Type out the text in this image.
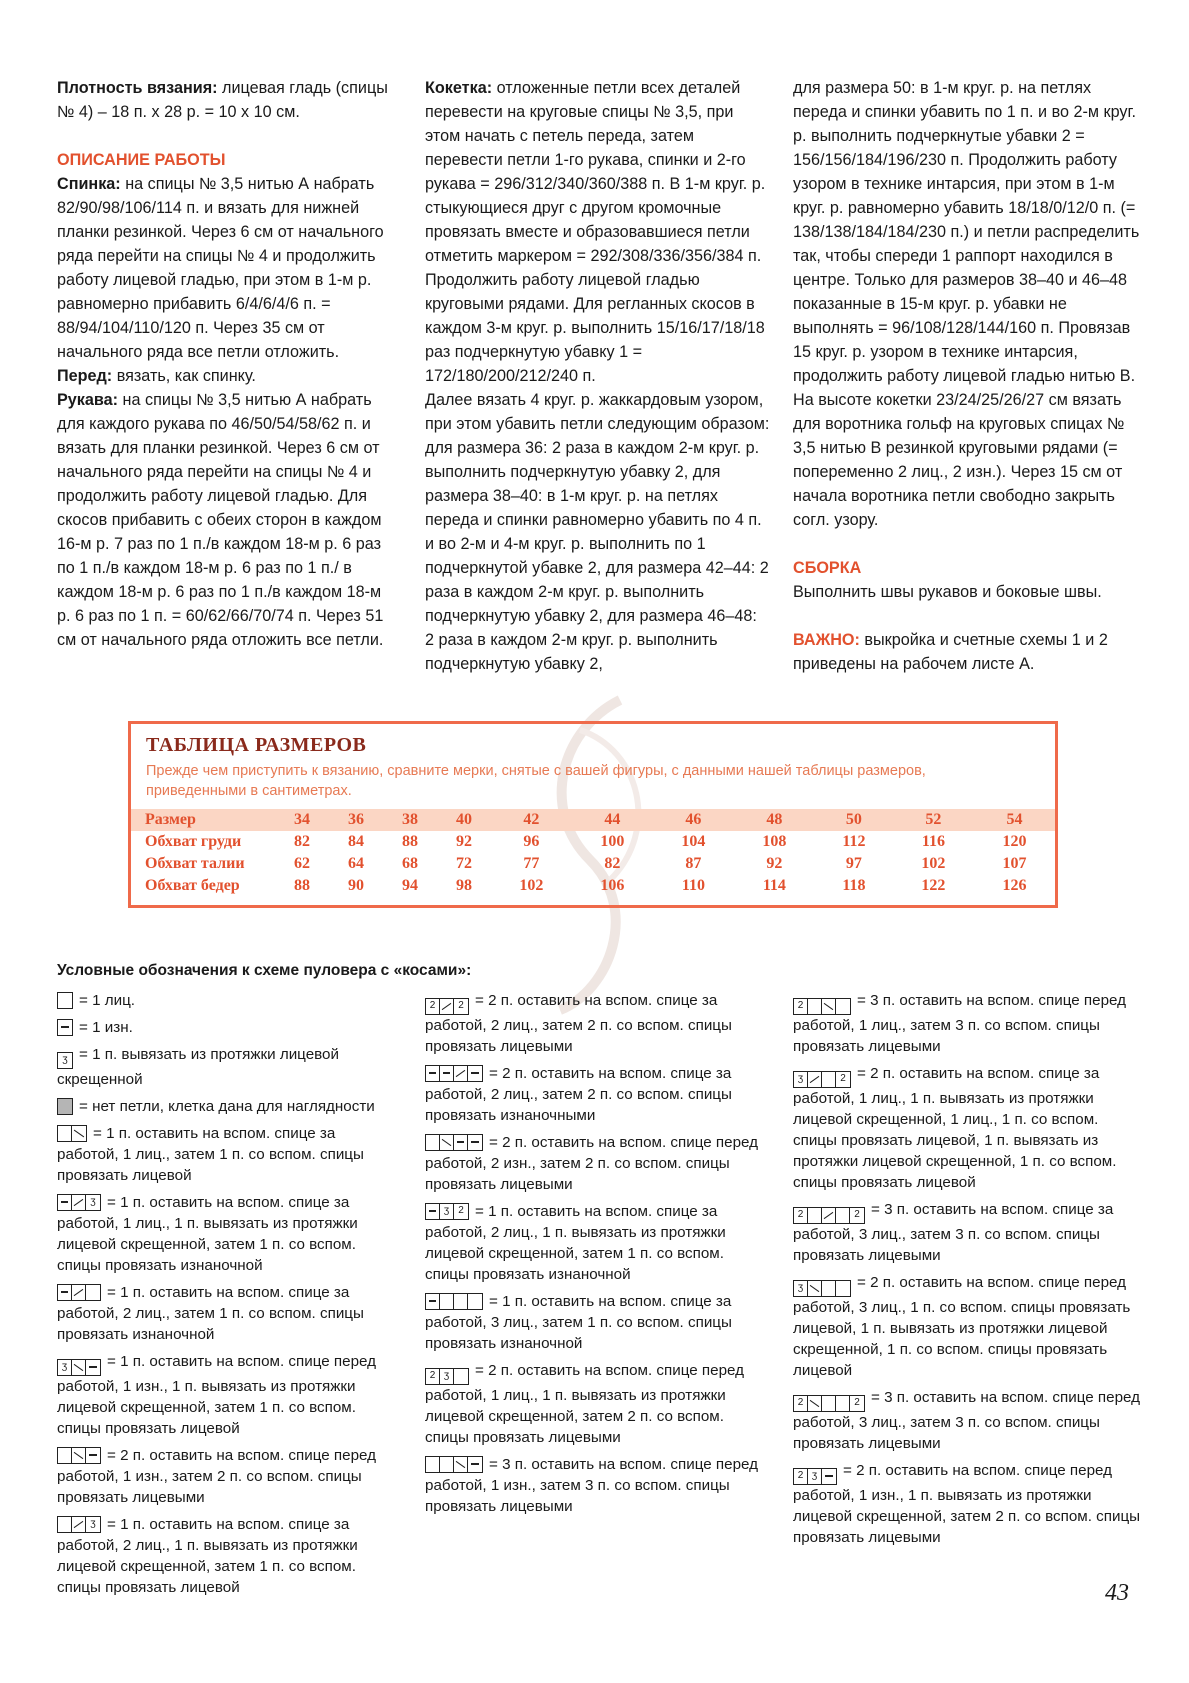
Плотность вязания: лицевая гладь (спицы № 4) – 18 п. х 28 р. = 10 х 10 см.

ОПИСАНИЕ РАБОТЫ

Спинка: на спицы № 3,5 нитью А набрать 82/90/98/106/114 п. и вязать для нижней планки резинкой. Через 6 см от начального ряда перейти на спицы № 4 и продолжить работу лицевой гладью, при этом в 1-м р. равномерно прибавить 6/4/6/4/6 п. = 88/94/104/110/120 п. Через 35 см от начального ряда все петли отложить.

Перед: вязать, как спинку.

Рукава: на спицы № 3,5 нитью А набрать для каждого рукава по 46/50/54/58/62 п. и вязать для планки резинкой. Через 6 см от начального ряда перейти на спицы № 4 и продолжить работу лицевой гладью. Для скосов прибавить с обеих сторон в каждом 16-м р. 7 раз по 1 п./в каждом 18-м р. 6 раз по 1 п./в каждом 18-м р. 6 раз по 1 п./ в каждом 18-м р. 6 раз по 1 п./в каждом 18-м р. 6 раз по 1 п. = 60/62/66/70/74 п. Через 51 см от начального ряда отложить все петли.

Кокетка: отложенные петли всех деталей перевести на круговые спицы № 3,5, при этом начать с петель переда, затем перевести петли 1-го рукава, спинки и 2-го рукава = 296/312/340/360/388 п. В 1-м круг. р. стыкующиеся друг с другом кромочные провязать вместе и образовавшиеся петли отметить маркером = 292/308/336/356/384 п. Продолжить работу лицевой гладью круговыми рядами. Для регланных скосов в каждом 3-м круг. р. выполнить 15/16/17/18/18 раз подчеркнутую убавку 1 = 172/180/200/212/240 п.

Далее вязать 4 круг. р. жаккардовым узором, при этом убавить петли следующим образом: для размера 36: 2 раза в каждом 2-м круг. р. выполнить подчеркнутую убавку 2, для размера 38–40: в 1-м круг. р. на петлях переда и спинки равномерно убавить по 4 п. и во 2-м и 4-м круг. р. выполнить по 1 подчеркнутой убавке 2, для размера 42–44: 2 раза в каждом 2-м круг. р. выполнить подчеркнутую убавку 2, для размера 46–48: 2 раза в каждом 2-м круг. р. выполнить подчеркнутую убавку 2,

для размера 50: в 1-м круг. р. на петлях переда и спинки убавить по 1 п. и во 2-м круг. р. выполнить подчеркнутые убавки 2 = 156/156/184/196/230 п. Продолжить работу узором в технике интарсия, при этом в 1-м круг. р. равномерно убавить 18/18/0/12/0 п. (= 138/138/184/184/230 п.) и петли распределить так, чтобы спереди 1 раппорт находился в центре. Только для размеров 38–40 и 46–48 показанные в 15-м круг. р. убавки не выполнять = 96/108/128/144/160 п. Провязав 15 круг. р. узором в технике интарсия, продолжить работу лицевой гладью нитью В. На высоте кокетки 23/24/25/26/27 см вязать для воротника гольф на круговых спицах № 3,5 нитью В резинкой круговыми рядами (= попеременно 2 лиц., 2 изн.). Через 15 см от начала воротника петли свободно закрыть согл. узору.

СБОРКА

Выполнить швы рукавов и боковые швы.

ВАЖНО: выкройка и счетные схемы 1 и 2 приведены на рабочем листе А.

ТАБЛИЦА РАЗМЕРОВ
Прежде чем приступить к вязанию, сравните мерки, снятые с вашей фигуры, с данными нашей таблицы размеров, приведенными в сантиметрах.
Размер	34	36	38	40	42	44	46	48	50	52	54
Обхват груди	82	84	88	92	96	100	104	108	112	116	120
Обхват талии	62	64	68	72	77	82	87	92	97	102	107
Обхват бедер	88	90	94	98	102	106	110	114	118	122	126
Условные обозначения к схеме пуловера с «косами»:
= 1 лиц.
= 1 изн.
ʒ = 1 п. вывязать из протяжки лицевой скрещенной
= нет петли, клетка дана для наглядности
= 1 п. оставить на вспом. спице за работой, 1 лиц., затем 1 п. со вспом. спицы провязать лицевой
ʒ = 1 п. оставить на вспом. спице за работой, 1 лиц., 1 п. вывязать из протяжки лицевой скрещенной, затем 1 п. со вспом. спицы провязать изнаночной
= 1 п. оставить на вспом. спице за работой, 2 лиц., затем 1 п. со вспом. спицы провязать изнаночной
ʒ	= 1 п. оставить на вспом. спице перед работой, 1 изн., 1 п. вывязать из протяжки лицевой скрещенной, затем 1 п. со вспом. спицы провязать лицевой
= 2 п. оставить на вспом. спице перед работой, 1 изн., затем 2 п. со вспом. спицы провязать лицевыми
ʒ = 1 п. оставить на вспом. спице за работой, 2 лиц., 1 п. вывязать из протяжки лицевой скрещенной, затем 1 п. со вспом. спицы провязать лицевой
2	2 = 2 п. оставить на вспом. спице за работой, 2 лиц., затем 2 п. со вспом. спицы провязать лицевыми
= 2 п. оставить на вспом. спице за работой, 2 лиц., затем 2 п. со вспом. спицы провязать изнаночными
= 2 п. оставить на вспом. спице перед работой, 2 изн., затем 2 п. со вспом. спицы провязать лицевыми
ʒ 2 = 1 п. оставить на вспом. спице за работой, 2 лиц., 1 п. вывязать из протяжки лицевой скрещенной, затем 1 п. со вспом. спицы провязать изнаночной
= 1 п. оставить на вспом. спице за работой, 3 лиц., затем 1 п. со вспом. спицы провязать изнаночной
2 ʒ	= 2 п. оставить на вспом. спице перед работой, 1 лиц., 1 п. вывязать из протяжки лицевой скрещенной, затем 2 п. со вспом. спицы провязать лицевыми
= 3 п. оставить на вспом. спице перед работой, 1 изн., затем 3 п. со вспом. спицы провязать лицевыми
2	= 3 п. оставить на вспом. спице перед работой, 1 лиц., затем 3 п. со вспом. спицы провязать лицевыми
ʒ	2 = 2 п. оставить на вспом. спице за работой, 1 лиц., 1 п. вывязать из протяжки лицевой скрещенной, 1 лиц., 1 п. со вспом. спицы провязать лицевой, 1 п. вывязать из протяжки лицевой скрещенной, 1 п. со вспом. спицы провязать лицевой
2	2 = 3 п. оставить на вспом. спице за работой, 3 лиц., затем 3 п. со вспом. спицы провязать лицевыми
ʒ	= 2 п. оставить на вспом. спице перед работой, 3 лиц., 1 п. со вспом. спицы провязать лицевой, 1 п. вывязать из протяжки лицевой скрещенной, 1 п. со вспом. спицы провязать лицевой
2	2 = 3 п. оставить на вспом. спице перед работой, 3 лиц., затем 3 п. со вспом. спицы провязать лицевыми
2 ʒ	= 2 п. оставить на вспом. спице перед работой, 1 изн., 1 п. вывязать из протяжки лицевой скрещенной, затем 2 п. со вспом. спицы провязать лицевыми
43
